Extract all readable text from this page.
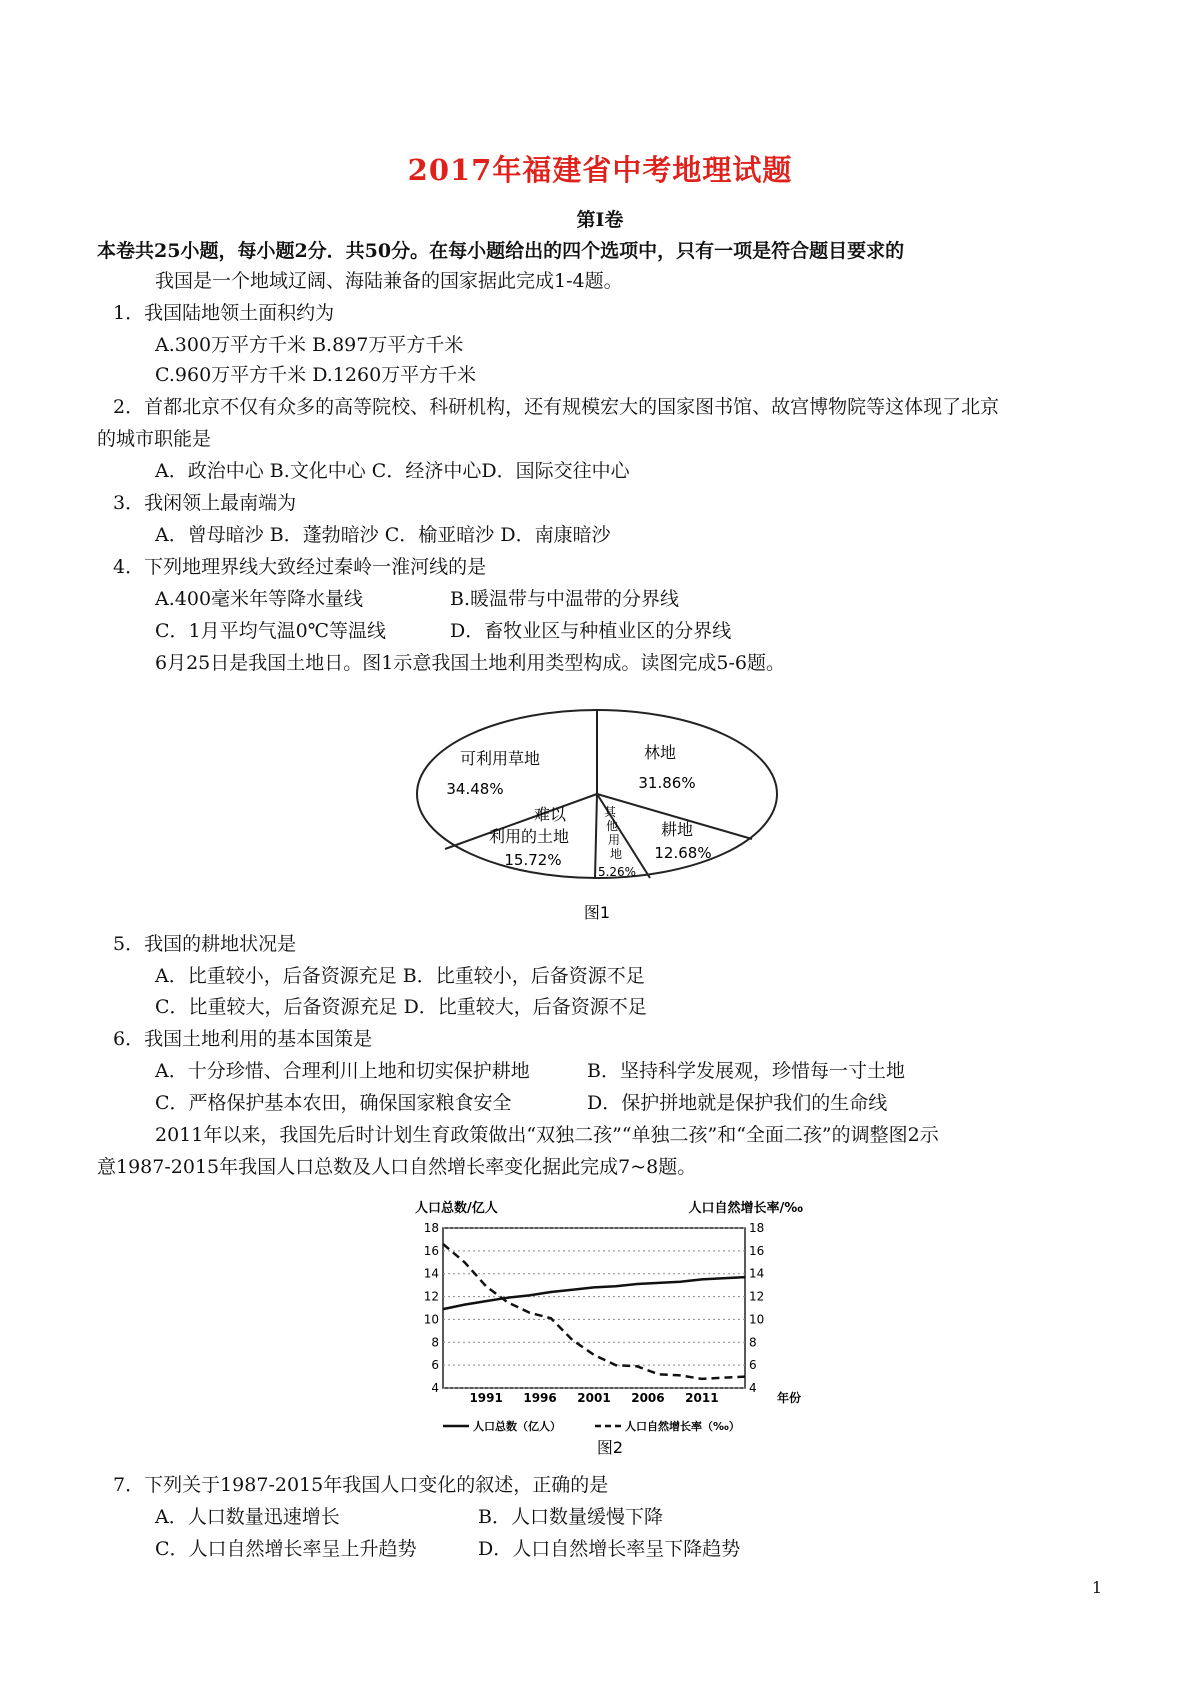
2017年福建省中考地理试题
第Ⅰ卷
本卷共25小题，每小题2分．共50分。在每小题给出的四个选项中，只有一项是符合题目要求的
我国是一个地域辽阔、海陆兼备的国家据此完成1-4题。
1．我国陆地领土面积约为
A.300万平方千米 B.897万平方千米
C.960万平方千米 D.1260万平方千米
2．首都北京不仅有众多的高等院校、科研机构，还有规模宏大的国家图书馆、故宫博物院等这体现了北京
的城市职能是
A．政治中心 B.文化中心 C．经济中心D．国际交往中心
3．我闲领上最南端为
A．曾母暗沙 B．蓬勃暗沙 C．榆亚暗沙 D．南康暗沙
4．下列地理界线大致经过秦岭一淮河线的是
A.400毫米年等降水量线	B.暖温带与中温带的分界线
C．1月平均气温0℃等温线	D．畜牧业区与种植业区的分界线
6月25日是我国土地日。图1示意我国土地利用类型构成。读图完成5-6题。
可利用草地
34.48%
林地
31.86%
耕地
12.68%
其
他
用
地
5.26%
难以
利用的土地
15.72%
图1
5．我国的耕地状况是
A．比重较小，后备资源充足 B．比重较小，后备资源不足
C．比重较大，后备资源充足 D．比重较大，后备资源不足
6．我国土地利用的基本国策是
A．十分珍惜、合理利川上地和切实保护耕地	B．坚持科学发展观，珍惜每一寸土地
C．严格保护基本农田，确保国家粮食安全	D．保护拼地就是保护我们的生命线
2011年以来，我国先后时计划生育政策做出“双独二孩”“单独二孩”和“全面二孩”的调整图2示
意1987-2015年我国人口总数及人口自然增长率变化据此完成7~8题。
人口总数/亿人	人口自然增长率/‰
4	4
6	6
8	8
10	10
12	12
14	14
16	16
18	18
1991 1996 2001 2006 2011	年份
人口总数（亿人）	人口自然增长率（‰）
图2
7．下列关于1987-2015年我国人口变化的叙述，正确的是
A．人口数量迅速增长	B．人口数量缓慢下降
C．人口自然增长率呈上升趋势	D．人口自然增长率呈下降趋势
1
